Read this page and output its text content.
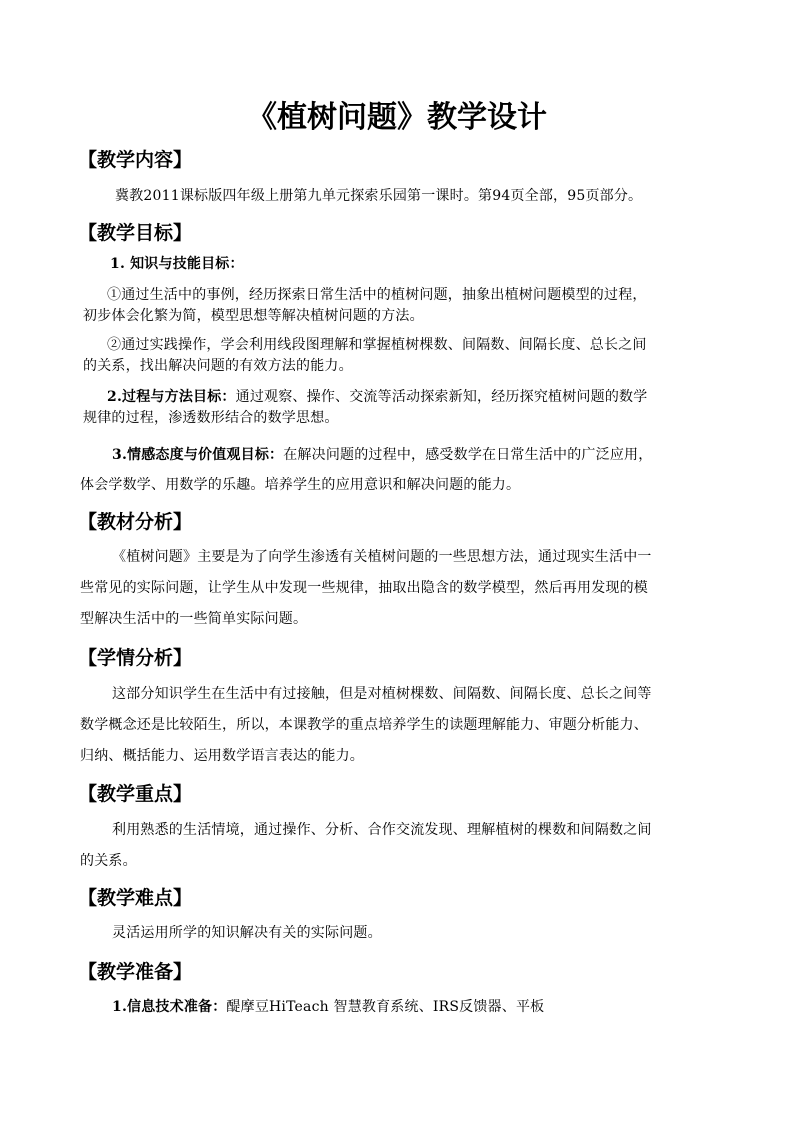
《植树问题》教学设计
【教学内容】

冀教2011课标版四年级上册第九单元探索乐园第一课时。第94页全部，95页部分。

【教学目标】

1. 知识与技能目标：

①通过生活中的事例，经历探索日常生活中的植树问题，抽象出植树问题模型的过程，

初步体会化繁为简，模型思想等解决植树问题的方法。

②通过实践操作，学会利用线段图理解和掌握植树棵数、间隔数、间隔长度、总长之间

的关系，找出解决问题的有效方法的能力。

2.过程与方法目标：通过观察、操作、交流等活动探索新知，经历探究植树问题的数学

规律的过程，渗透数形结合的数学思想。

3.情感态度与价值观目标：在解决问题的过程中，感受数学在日常生活中的广泛应用，

体会学数学、用数学的乐趣。培养学生的应用意识和解决问题的能力。

【教材分析】

《植树问题》主要是为了向学生渗透有关植树问题的一些思想方法，通过现实生活中一

些常见的实际问题，让学生从中发现一些规律，抽取出隐含的数学模型，然后再用发现的模

型解决生活中的一些简单实际问题。

【学情分析】

这部分知识学生在生活中有过接触，但是对植树棵数、间隔数、间隔长度、总长之间等

数学概念还是比较陌生，所以，本课教学的重点培养学生的读题理解能力、审题分析能力、

归纳、概括能力、运用数学语言表达的能力。

【教学重点】

利用熟悉的生活情境，通过操作、分析、合作交流发现、理解植树的棵数和间隔数之间

的关系。

【教学难点】

灵活运用所学的知识解决有关的实际问题。

【教学准备】

1.信息技术准备：醍摩豆HiTeach 智慧教育系统、IRS反馈器、平板
